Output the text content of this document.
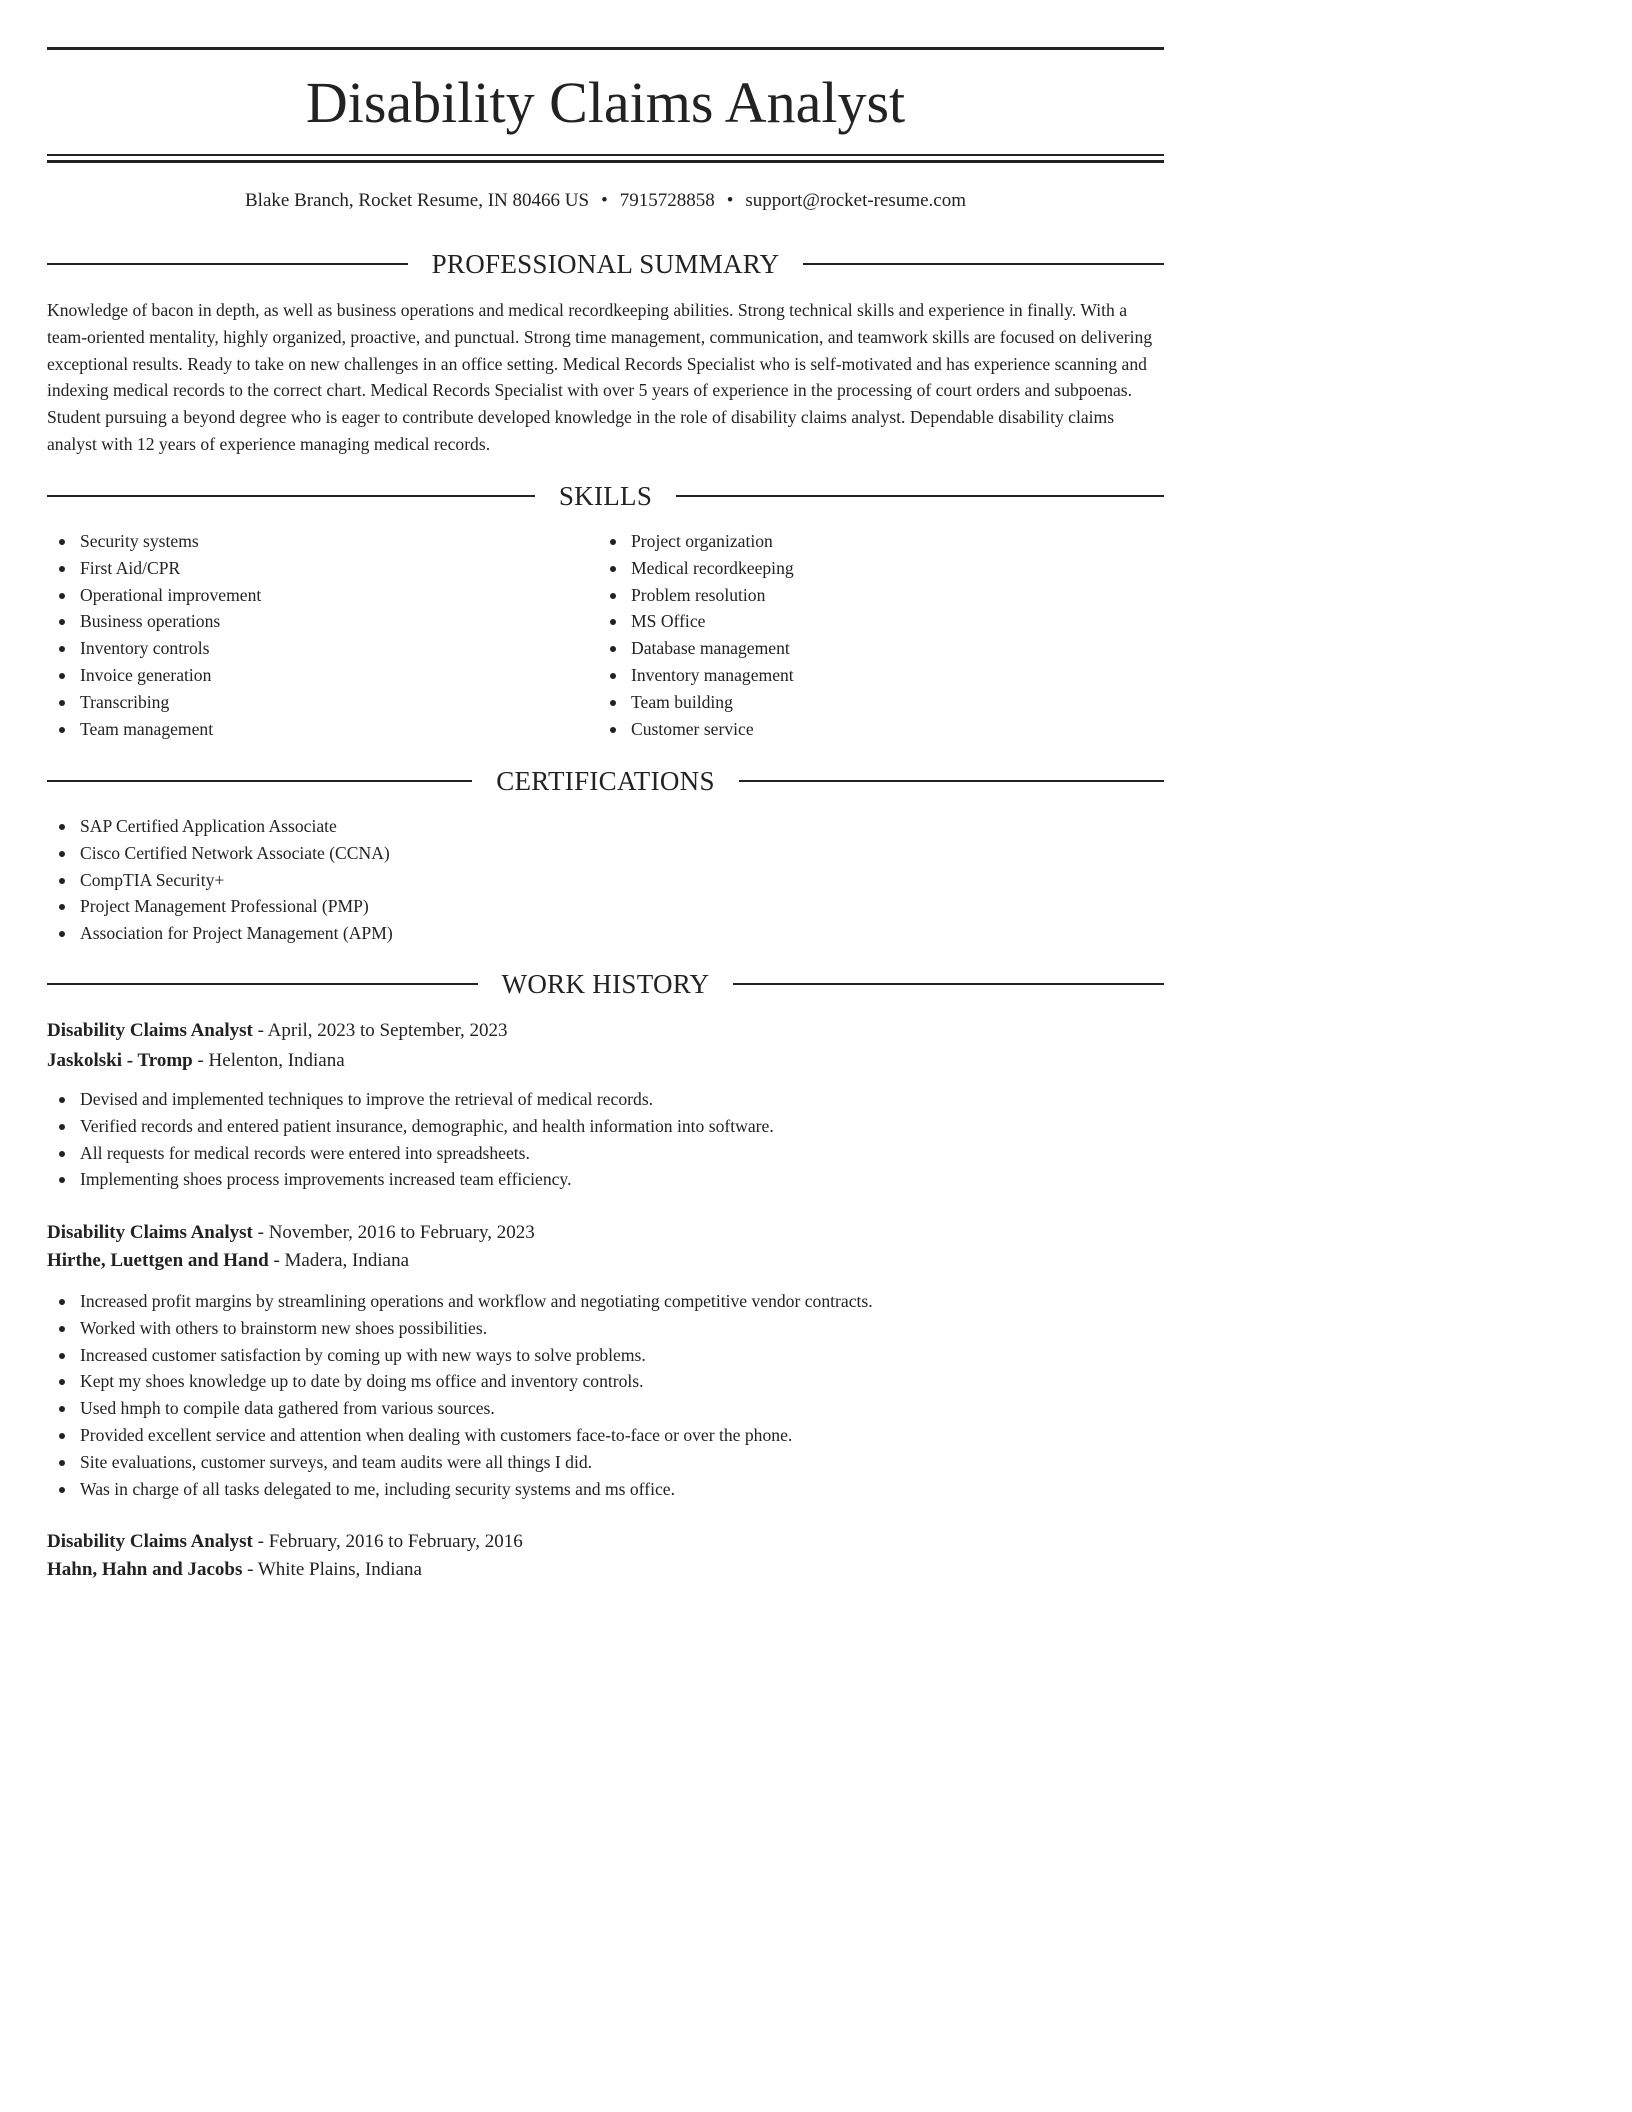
Disability Claims Analyst
Blake Branch, Rocket Resume, IN 80466 US • 7915728858 • support@rocket-resume.com
PROFESSIONAL SUMMARY

Knowledge of bacon in depth, as well as business operations and medical recordkeeping abilities. Strong technical skills and experience in finally. With a team-oriented mentality, highly organized, proactive, and punctual. Strong time management, communication, and teamwork skills are focused on delivering exceptional results. Ready to take on new challenges in an office setting. Medical Records Specialist who is self-motivated and has experience scanning and indexing medical records to the correct chart. Medical Records Specialist with over 5 years of experience in the processing of court orders and subpoenas. Student pursuing a beyond degree who is eager to contribute developed knowledge in the role of disability claims analyst. Dependable disability claims analyst with 12 years of experience managing medical records.

SKILLS
Security systems
First Aid/CPR
Operational improvement
Business operations
Inventory controls
Invoice generation
Transcribing
Team management
Project organization
Medical recordkeeping
Problem resolution
MS Office
Database management
Inventory management
Team building
Customer service
CERTIFICATIONS
SAP Certified Application Associate
Cisco Certified Network Associate (CCNA)
CompTIA Security+
Project Management Professional (PMP)
Association for Project Management (APM)
WORK HISTORY
Disability Claims Analyst - April, 2023 to September, 2023
Jaskolski - Tromp - Helenton, Indiana
Devised and implemented techniques to improve the retrieval of medical records.
Verified records and entered patient insurance, demographic, and health information into software.
All requests for medical records were entered into spreadsheets.
Implementing shoes process improvements increased team efficiency.
Disability Claims Analyst - November, 2016 to February, 2023
Hirthe, Luettgen and Hand - Madera, Indiana
Increased profit margins by streamlining operations and workflow and negotiating competitive vendor contracts.
Worked with others to brainstorm new shoes possibilities.
Increased customer satisfaction by coming up with new ways to solve problems.
Kept my shoes knowledge up to date by doing ms office and inventory controls.
Used hmph to compile data gathered from various sources.
Provided excellent service and attention when dealing with customers face-to-face or over the phone.
Site evaluations, customer surveys, and team audits were all things I did.
Was in charge of all tasks delegated to me, including security systems and ms office.
Disability Claims Analyst - February, 2016 to February, 2016
Hahn, Hahn and Jacobs - White Plains, Indiana
